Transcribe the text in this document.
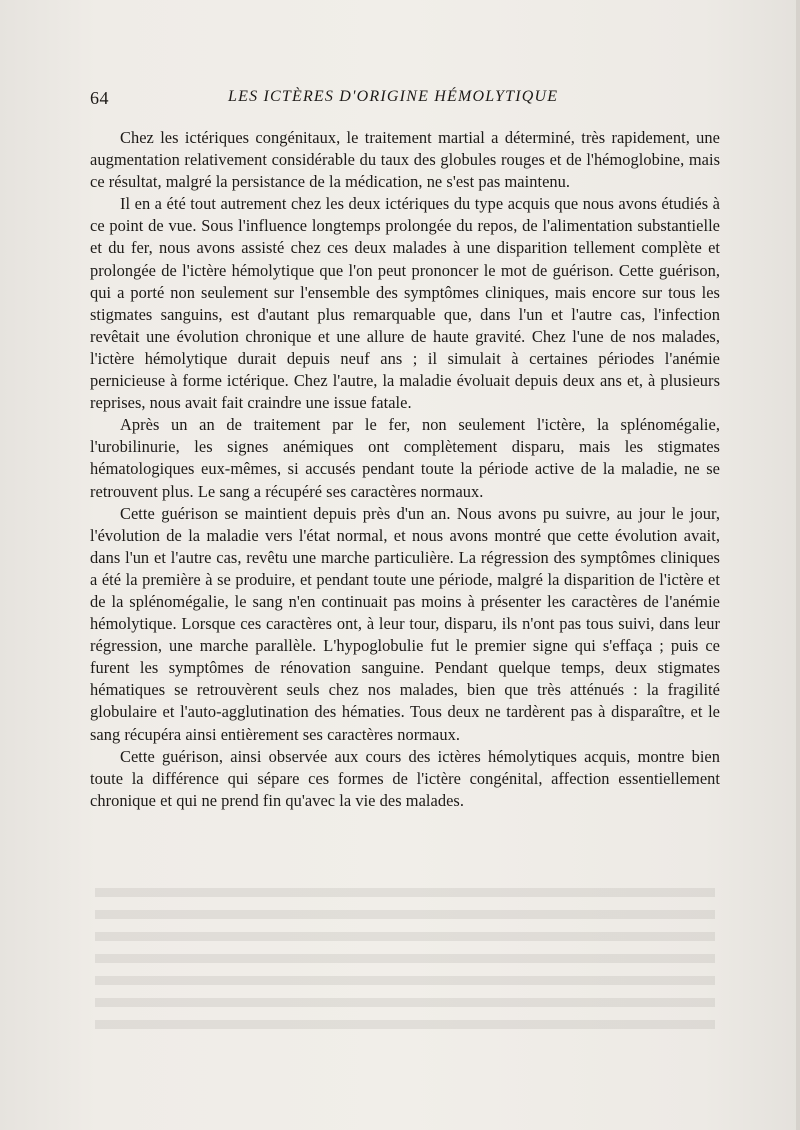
64	LES ICTÈRES D'ORIGINE HÉMOLYTIQUE

Chez les ictériques congénitaux, le traitement martial a déterminé, très rapidement, une augmentation relativement considérable du taux des globules rouges et de l'hémoglobine, mais ce résultat, malgré la persistance de la médication, ne s'est pas maintenu.

Il en a été tout autrement chez les deux ictériques du type acquis que nous avons étudiés à ce point de vue. Sous l'influence longtemps prolongée du repos, de l'alimentation substantielle et du fer, nous avons assisté chez ces deux malades à une disparition tellement complète et prolongée de l'ictère hémolytique que l'on peut prononcer le mot de guérison. Cette guérison, qui a porté non seulement sur l'ensemble des symptômes cliniques, mais encore sur tous les stigmates sanguins, est d'autant plus remarquable que, dans l'un et l'autre cas, l'infection revêtait une évolution chronique et une allure de haute gravité. Chez l'une de nos malades, l'ictère hémolytique durait depuis neuf ans ; il simulait à certaines périodes l'anémie pernicieuse à forme ictérique. Chez l'autre, la maladie évoluait depuis deux ans et, à plusieurs reprises, nous avait fait craindre une issue fatale.

Après un an de traitement par le fer, non seulement l'ictère, la splénomégalie, l'urobilinurie, les signes anémiques ont complètement disparu, mais les stigmates hématologiques eux-mêmes, si accusés pendant toute la période active de la maladie, ne se retrouvent plus. Le sang a récupéré ses caractères normaux.

Cette guérison se maintient depuis près d'un an. Nous avons pu suivre, au jour le jour, l'évolution de la maladie vers l'état normal, et nous avons montré que cette évolution avait, dans l'un et l'autre cas, revêtu une marche particulière. La régression des symptômes cliniques a été la première à se produire, et pendant toute une période, malgré la disparition de l'ictère et de la splénomégalie, le sang n'en continuait pas moins à présenter les caractères de l'anémie hémolytique. Lorsque ces caractères ont, à leur tour, disparu, ils n'ont pas tous suivi, dans leur régression, une marche parallèle. L'hypoglobulie fut le premier signe qui s'effaça ; puis ce furent les symptômes de rénovation sanguine. Pendant quelque temps, deux stigmates hématiques se retrouvèrent seuls chez nos malades, bien que très atténués : la fragilité globulaire et l'auto-agglutination des hématies. Tous deux ne tardèrent pas à disparaître, et le sang récupéra ainsi entièrement ses caractères normaux.

Cette guérison, ainsi observée aux cours des ictères hémolytiques acquis, montre bien toute la différence qui sépare ces formes de l'ictère congénital, affection essentiellement chronique et qui ne prend fin qu'avec la vie des malades.
